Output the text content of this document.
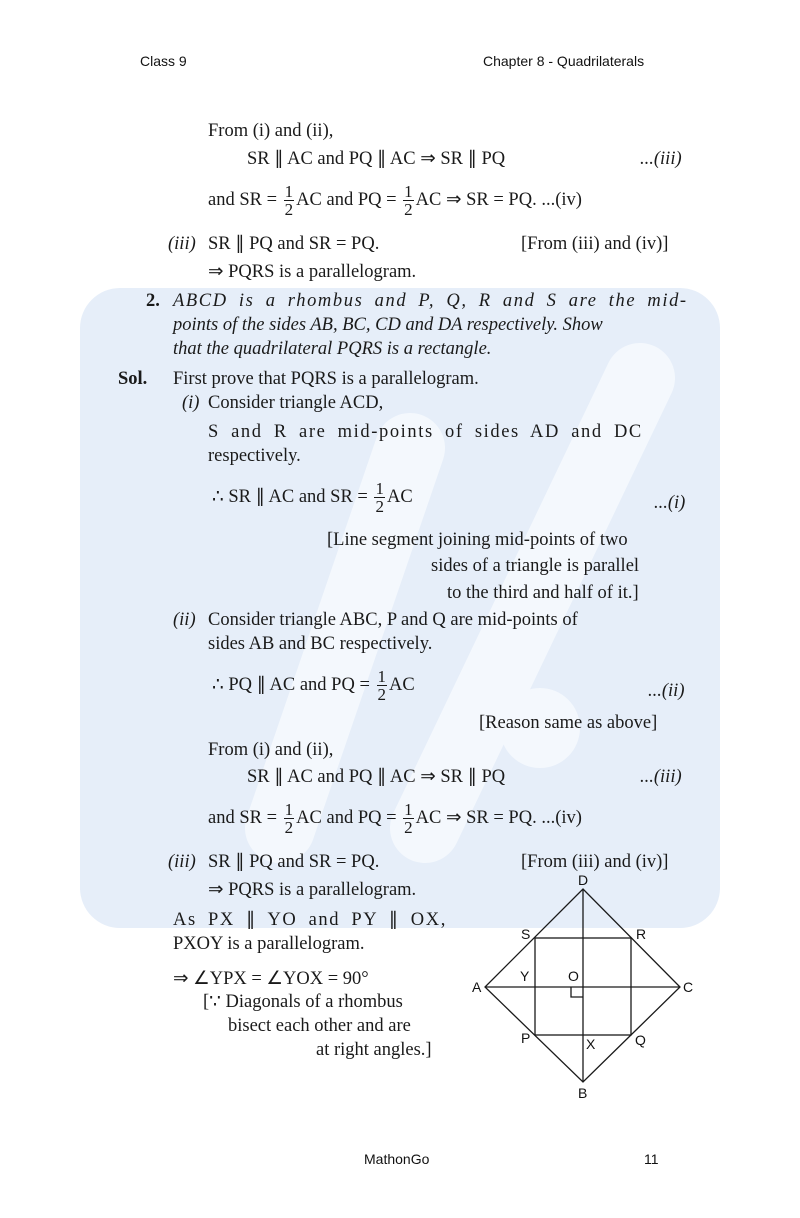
Class 9	Chapter 8 - Quadrilaterals
From (i) and (ii),
SR ∥ AC and PQ ∥ AC ⇒ SR ∥ PQ	...(iii)
and SR = $\frac{1}{2}$ AC and PQ = $\frac{1}{2}$ AC ⇒ SR = PQ. ...(iv)
(iii) SR ∥ PQ and SR = PQ.	[From (iii) and (iv)]
⇒ PQRS is a parallelogram.
2. ABCD is a rhombus and P, Q, R and S are the mid-
points of the sides AB, BC, CD and DA respectively. Show
that the quadrilateral PQRS is a rectangle.
Sol. First prove that PQRS is a parallelogram.
(i) Consider triangle ACD,
S and R are mid-points of sides AD and DC
respectively.
∴ SR ∥ AC and SR = $\frac{1}{2}$ AC	...(i)
[Line segment joining mid-points of two
sides of a triangle is parallel
to the third and half of it.]
(ii) Consider triangle ABC, P and Q are mid-points of
sides AB and BC respectively.
∴ PQ ∥ AC and PQ = $\frac{1}{2}$ AC	...(ii)
[Reason same as above]
From (i) and (ii),
SR ∥ AC and PQ ∥ AC ⇒ SR ∥ PQ	...(iii)
and SR = $\frac{1}{2}$ AC and PQ = $\frac{1}{2}$ AC ⇒ SR = PQ. ...(iv)
(iii) SR ∥ PQ and SR = PQ.	[From (iii) and (iv)]
⇒ PQRS is a parallelogram.
As PX ∥ YO and PY ∥ OX,
PXOY is a parallelogram.
⇒ ∠YPX = ∠YOX = 90°
[∵ Diagonals of a rhombus
bisect each other and are
at right angles.]
D
B
A	C
S	R
P	Q
O
Y
X
MathonGo	11
